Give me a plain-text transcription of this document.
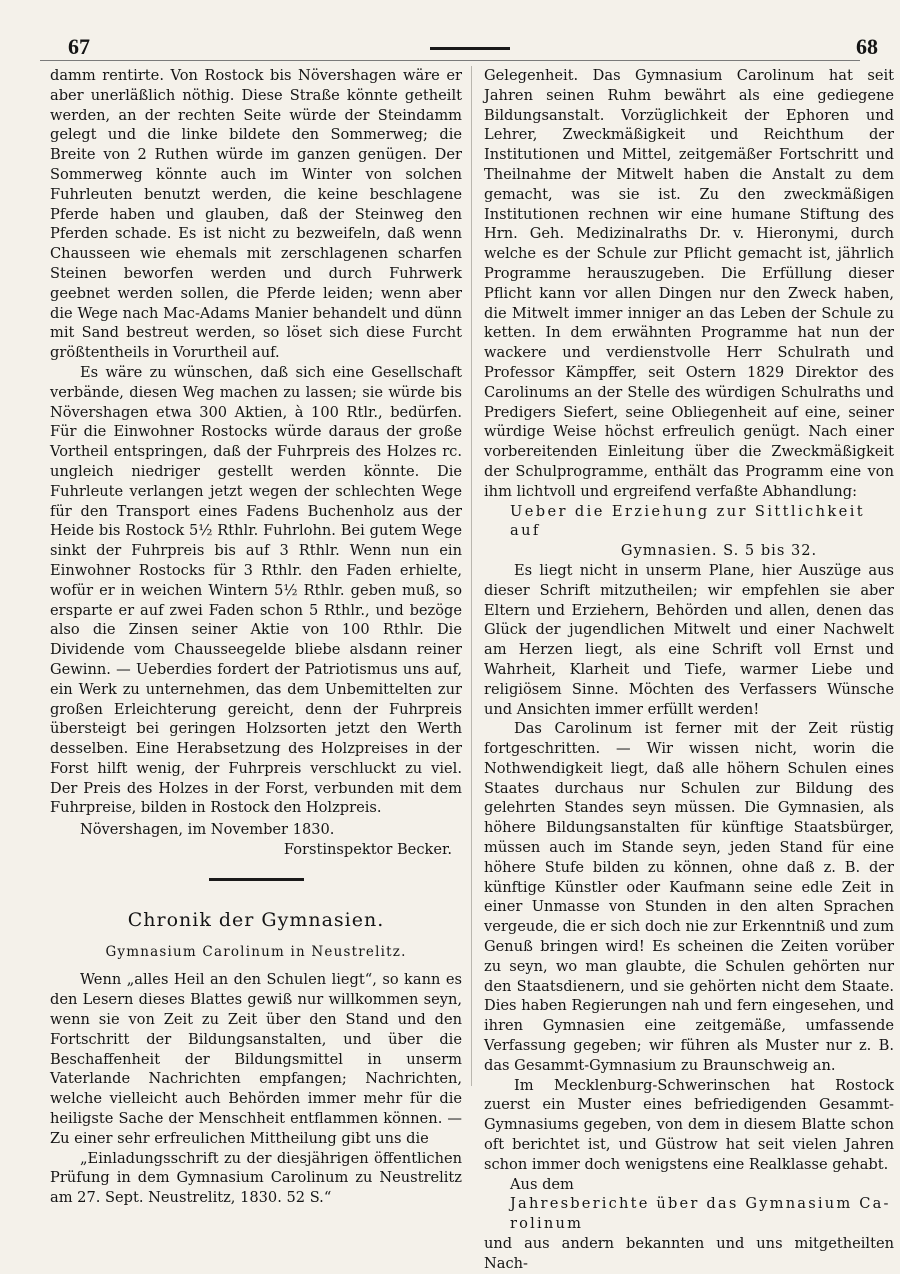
67	68

damm rentirte. Von Rostock bis Növershagen wäre er aber unerläßlich nöthig. Diese Straße könnte getheilt werden, an der rechten Seite würde der Steindamm gelegt und die linke bildete den Sommerweg; die Breite von 2 Ruthen würde im ganzen genügen. Der Sommerweg könnte auch im Winter von solchen Fuhrleuten benutzt werden, die keine beschlagene Pferde haben und glauben, daß der Steinweg den Pferden schade. Es ist nicht zu bezweifeln, daß wenn Chausseen wie ehemals mit zerschlagenen scharfen Steinen beworfen werden und durch Fuhrwerk geebnet werden sollen, die Pferde leiden; wenn aber die Wege nach Mac-Adams Manier behandelt und dünn mit Sand bestreut werden, so löset sich diese Furcht größtentheils in Vorurtheil auf.

Es wäre zu wünschen, daß sich eine Gesellschaft verbände, diesen Weg machen zu lassen; sie würde bis Növershagen etwa 300 Aktien, à 100 Rtlr., bedürfen. Für die Einwohner Rostocks würde daraus der große Vortheil entspringen, daß der Fuhrpreis des Holzes rc. ungleich niedriger gestellt werden könnte. Die Fuhrleute verlangen jetzt wegen der schlechten Wege für den Transport eines Fadens Buchenholz aus der Heide bis Rostock 5½ Rthlr. Fuhrlohn. Bei gutem Wege sinkt der Fuhrpreis bis auf 3 Rthlr. Wenn nun ein Einwohner Rostocks für 3 Rthlr. den Faden erhielte, wofür er in weichen Wintern 5½ Rthlr. geben muß, so ersparte er auf zwei Faden schon 5 Rthlr., und bezöge also die Zinsen seiner Aktie von 100 Rthlr. Die Dividende vom Chausseegelde bliebe alsdann reiner Gewinn. — Ueberdies fordert der Patriotismus uns auf, ein Werk zu unternehmen, das dem Unbemittelten zur großen Erleichterung gereicht, denn der Fuhrpreis übersteigt bei geringen Holzsorten jetzt den Werth desselben. Eine Herabsetzung des Holzpreises in der Forst hilft wenig, der Fuhrpreis verschluckt zu viel. Der Preis des Holzes in der Forst, verbunden mit dem Fuhrpreise, bilden in Rostock den Holzpreis.

Növershagen, im November 1830.

Forstinspektor Becker.

Chronik der Gymnasien.
Gymnasium Carolinum in Neustrelitz.

Wenn „alles Heil an den Schulen liegt“, so kann es den Lesern dieses Blattes gewiß nur willkommen seyn, wenn sie von Zeit zu Zeit über den Stand und den Fortschritt der Bildungsanstalten, und über die Beschaffenheit der Bildungsmittel in unserm Vaterlande Nachrichten empfangen; Nachrichten, welche vielleicht auch Behörden immer mehr für die heiligste Sache der Menschheit entflammen können. — Zu einer sehr erfreulichen Mittheilung gibt uns die

„Einladungsschrift zu der diesjährigen öffentlichen Prüfung in dem Gymnasium Carolinum zu Neustrelitz am 27. Sept. Neustrelitz, 1830. 52 S.“

Gelegenheit. Das Gymnasium Carolinum hat seit Jahren seinen Ruhm bewährt als eine gediegene Bildungsanstalt. Vorzüglichkeit der Ephoren und Lehrer, Zweckmäßigkeit und Reichthum der Institutionen und Mittel, zeitgemäßer Fortschritt und Theilnahme der Mitwelt haben die Anstalt zu dem gemacht, was sie ist. Zu den zweckmäßigen Institutionen rechnen wir eine humane Stiftung des Hrn. Geh. Medizinalraths Dr. v. Hieronymi, durch welche es der Schule zur Pflicht gemacht ist, jährlich Programme herauszugeben. Die Erfüllung dieser Pflicht kann vor allen Dingen nur den Zweck haben, die Mitwelt immer inniger an das Leben der Schule zu ketten. In dem erwähnten Programme hat nun der wackere und verdienstvolle Herr Schulrath und Professor Kämpffer, seit Ostern 1829 Direktor des Carolinums an der Stelle des würdigen Schulraths und Predigers Siefert, seine Obliegenheit auf eine, seiner würdige Weise höchst erfreulich genügt. Nach einer vorbereitenden Einleitung über die Zweckmäßigkeit der Schulprogramme, enthält das Programm eine von ihm lichtvoll und ergreifend verfaßte Abhandlung:

Ueber die Erziehung zur Sittlichkeit auf

Gymnasien. S. 5 bis 32.

Es liegt nicht in unserm Plane, hier Auszüge aus dieser Schrift mitzutheilen; wir empfehlen sie aber Eltern und Erziehern, Behörden und allen, denen das Glück der jugendlichen Mitwelt und einer Nachwelt am Herzen liegt, als eine Schrift voll Ernst und Wahrheit, Klarheit und Tiefe, warmer Liebe und religiösem Sinne. Möchten des Verfassers Wünsche und Ansichten immer erfüllt werden!

Das Carolinum ist ferner mit der Zeit rüstig fortgeschritten. — Wir wissen nicht, worin die Nothwendigkeit liegt, daß alle höhern Schulen eines Staates durchaus nur Schulen zur Bildung des gelehrten Standes seyn müssen. Die Gymnasien, als höhere Bildungsanstalten für künftige Staatsbürger, müssen auch im Stande seyn, jeden Stand für eine höhere Stufe bilden zu können, ohne daß z. B. der künftige Künstler oder Kaufmann seine edle Zeit in einer Unmasse von Stunden in den alten Sprachen vergeude, die er sich doch nie zur Erkenntniß und zum Genuß bringen wird! Es scheinen die Zeiten vorüber zu seyn, wo man glaubte, die Schulen gehörten nur den Staatsdienern, und sie gehörten nicht dem Staate. Dies haben Regierungen nah und fern eingesehen, und ihren Gymnasien eine zeitgemäße, umfassende Verfassung gegeben; wir führen als Muster nur z. B. das Gesammt-Gymnasium zu Braunschweig an.

Im Mecklenburg-Schwerinschen hat Rostock zuerst ein Muster eines befriedigenden Gesammt-Gymnasiums gegeben, von dem in diesem Blatte schon oft berichtet ist, und Güstrow hat seit vielen Jahren schon immer doch wenigstens eine Realklasse gehabt.

Aus dem

Jahresberichte über das Gymnasium Ca-

rolinum

und aus andern bekannten und uns mitgetheilten Nach-
